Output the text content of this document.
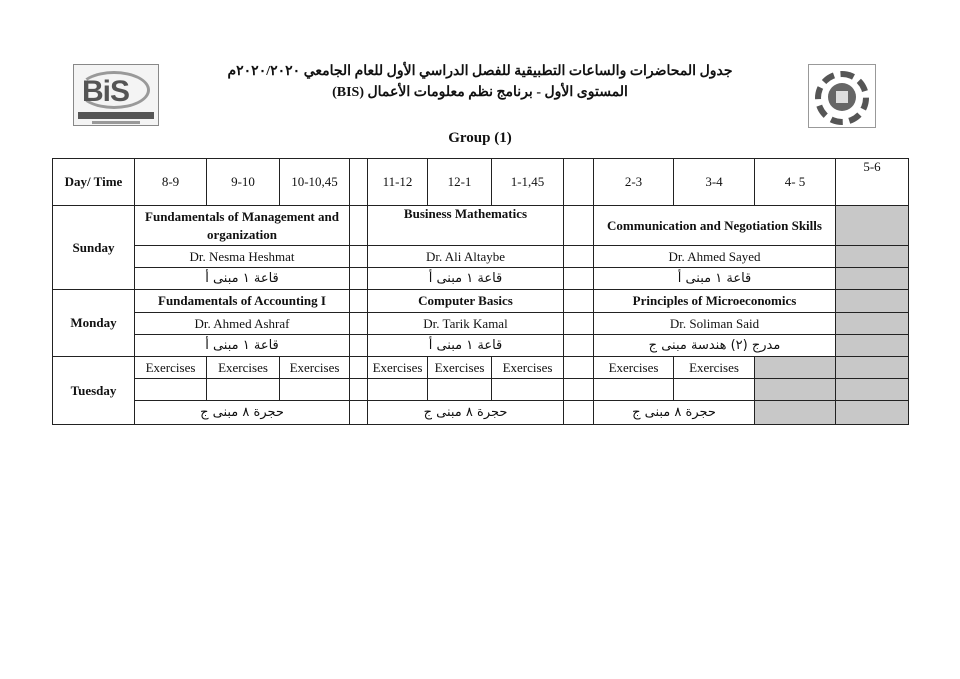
BiS
جدول المحاضرات والساعات التطبيقية للفصل الدراسي الأول للعام الجامعي ٢٠٢٠/٢٠٢٠م
المستوى الأول - برنامج نظم معلومات الأعمال (BIS)
Group (1)
Day/ Time	8-9	9-10	10-10,45		11-12	12-1	1-1,45		2-3	3-4	4- 5	5-6
Sunday	Fundamentals of Management and organization				Business Mathematics				Communication and Negotiation Skills			
	Dr. Nesma Heshmat				Dr. Ali Altaybe				Dr. Ahmed Sayed			
	قاعة ١ مبنى أ				قاعة ١ مبنى أ				قاعة ١ مبنى أ			
Monday	Fundamentals of Accounting I				Computer Basics				Principles of Microeconomics			
	Dr. Ahmed Ashraf				Dr. Tarik Kamal				Dr. Soliman Said			
	قاعة ١ مبنى أ				قاعة ١ مبنى أ				مدرج (٢) هندسة مبنى ج			
Tuesday	Exercises	Exercises	Exercises		Exercises	Exercises	Exercises		Exercises	Exercises		

	حجرة ٨ مبنى ج				حجرة ٨ مبنى ج				حجرة ٨ مبنى ج			
